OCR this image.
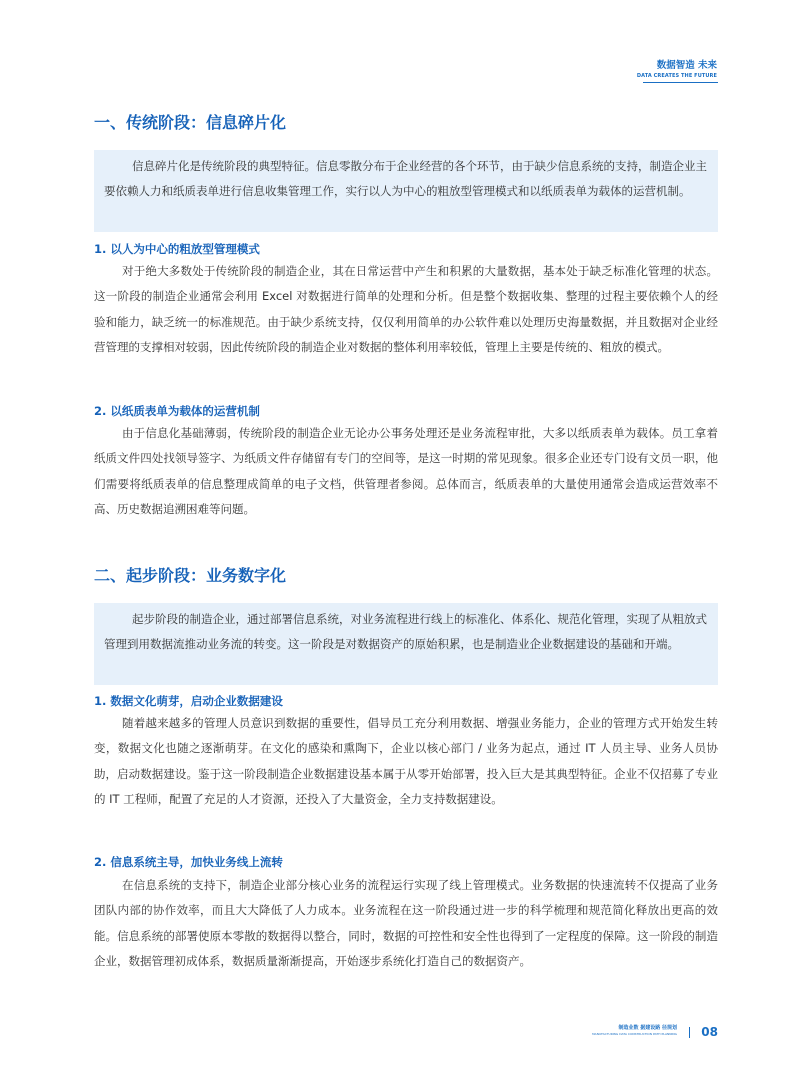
数据智造 未来
DATA CREATES THE FUTURE
一、传统阶段：信息碎片化

信息碎片化是传统阶段的典型特征。信息零散分布于企业经营的各个环节，由于缺少信息系统的支持，制造企业主要依赖人力和纸质表单进行信息收集管理工作，实行以人为中心的粗放型管理模式和以纸质表单为载体的运营机制。

1. 以人为中心的粗放型管理模式

对于绝大多数处于传统阶段的制造企业，其在日常运营中产生和积累的大量数据，基本处于缺乏标准化管理的状态。这一阶段的制造企业通常会利用 Excel 对数据进行简单的处理和分析。但是整个数据收集、整理的过程主要依赖个人的经验和能力，缺乏统一的标准规范。由于缺少系统支持，仅仅利用简单的办公软件难以处理历史海量数据，并且数据对企业经营管理的支撑相对较弱，因此传统阶段的制造企业对数据的整体利用率较低，管理上主要是传统的、粗放的模式。

2. 以纸质表单为载体的运营机制

由于信息化基础薄弱，传统阶段的制造企业无论办公事务处理还是业务流程审批，大多以纸质表单为载体。员工拿着纸质文件四处找领导签字、为纸质文件存储留有专门的空间等，是这一时期的常见现象。很多企业还专门设有文员一职，他们需要将纸质表单的信息整理成简单的电子文档，供管理者参阅。总体而言，纸质表单的大量使用通常会造成运营效率不高、历史数据追溯困难等问题。

二、起步阶段：业务数字化

起步阶段的制造企业，通过部署信息系统，对业务流程进行线上的标准化、体系化、规范化管理，实现了从粗放式管理到用数据流推动业务流的转变。这一阶段是对数据资产的原始积累，也是制造业企业数据建设的基础和开端。

1. 数据文化萌芽，启动企业数据建设

随着越来越多的管理人员意识到数据的重要性，倡导员工充分利用数据、增强业务能力，企业的管理方式开始发生转变，数据文化也随之逐渐萌芽。在文化的感染和熏陶下，企业以核心部门 / 业务为起点，通过 IT 人员主导、业务人员协助，启动数据建设。鉴于这一阶段制造企业数据建设基本属于从零开始部署，投入巨大是其典型特征。企业不仅招募了专业的 IT 工程师，配置了充足的人才资源，还投入了大量资金，全力支持数据建设。

2. 信息系统主导，加快业务线上流转

在信息系统的支持下，制造企业部分核心业务的流程运行实现了线上管理模式。业务数据的快速流转不仅提高了业务团队内部的协作效率，而且大大降低了人力成本。业务流程在这一阶段通过进一步的科学梳理和规范简化释放出更高的效能。信息系统的部署使原本零散的数据得以整合，同时，数据的可控性和安全性也得到了一定程度的保障。这一阶段的制造企业，数据管理初成体系，数据质量渐渐提高，开始逐步系统化打造自己的数据资产。

制造业数 据建设路 径规划
MANUFACTURING DATA CONSTRUCTION PATH PLANNING 08
